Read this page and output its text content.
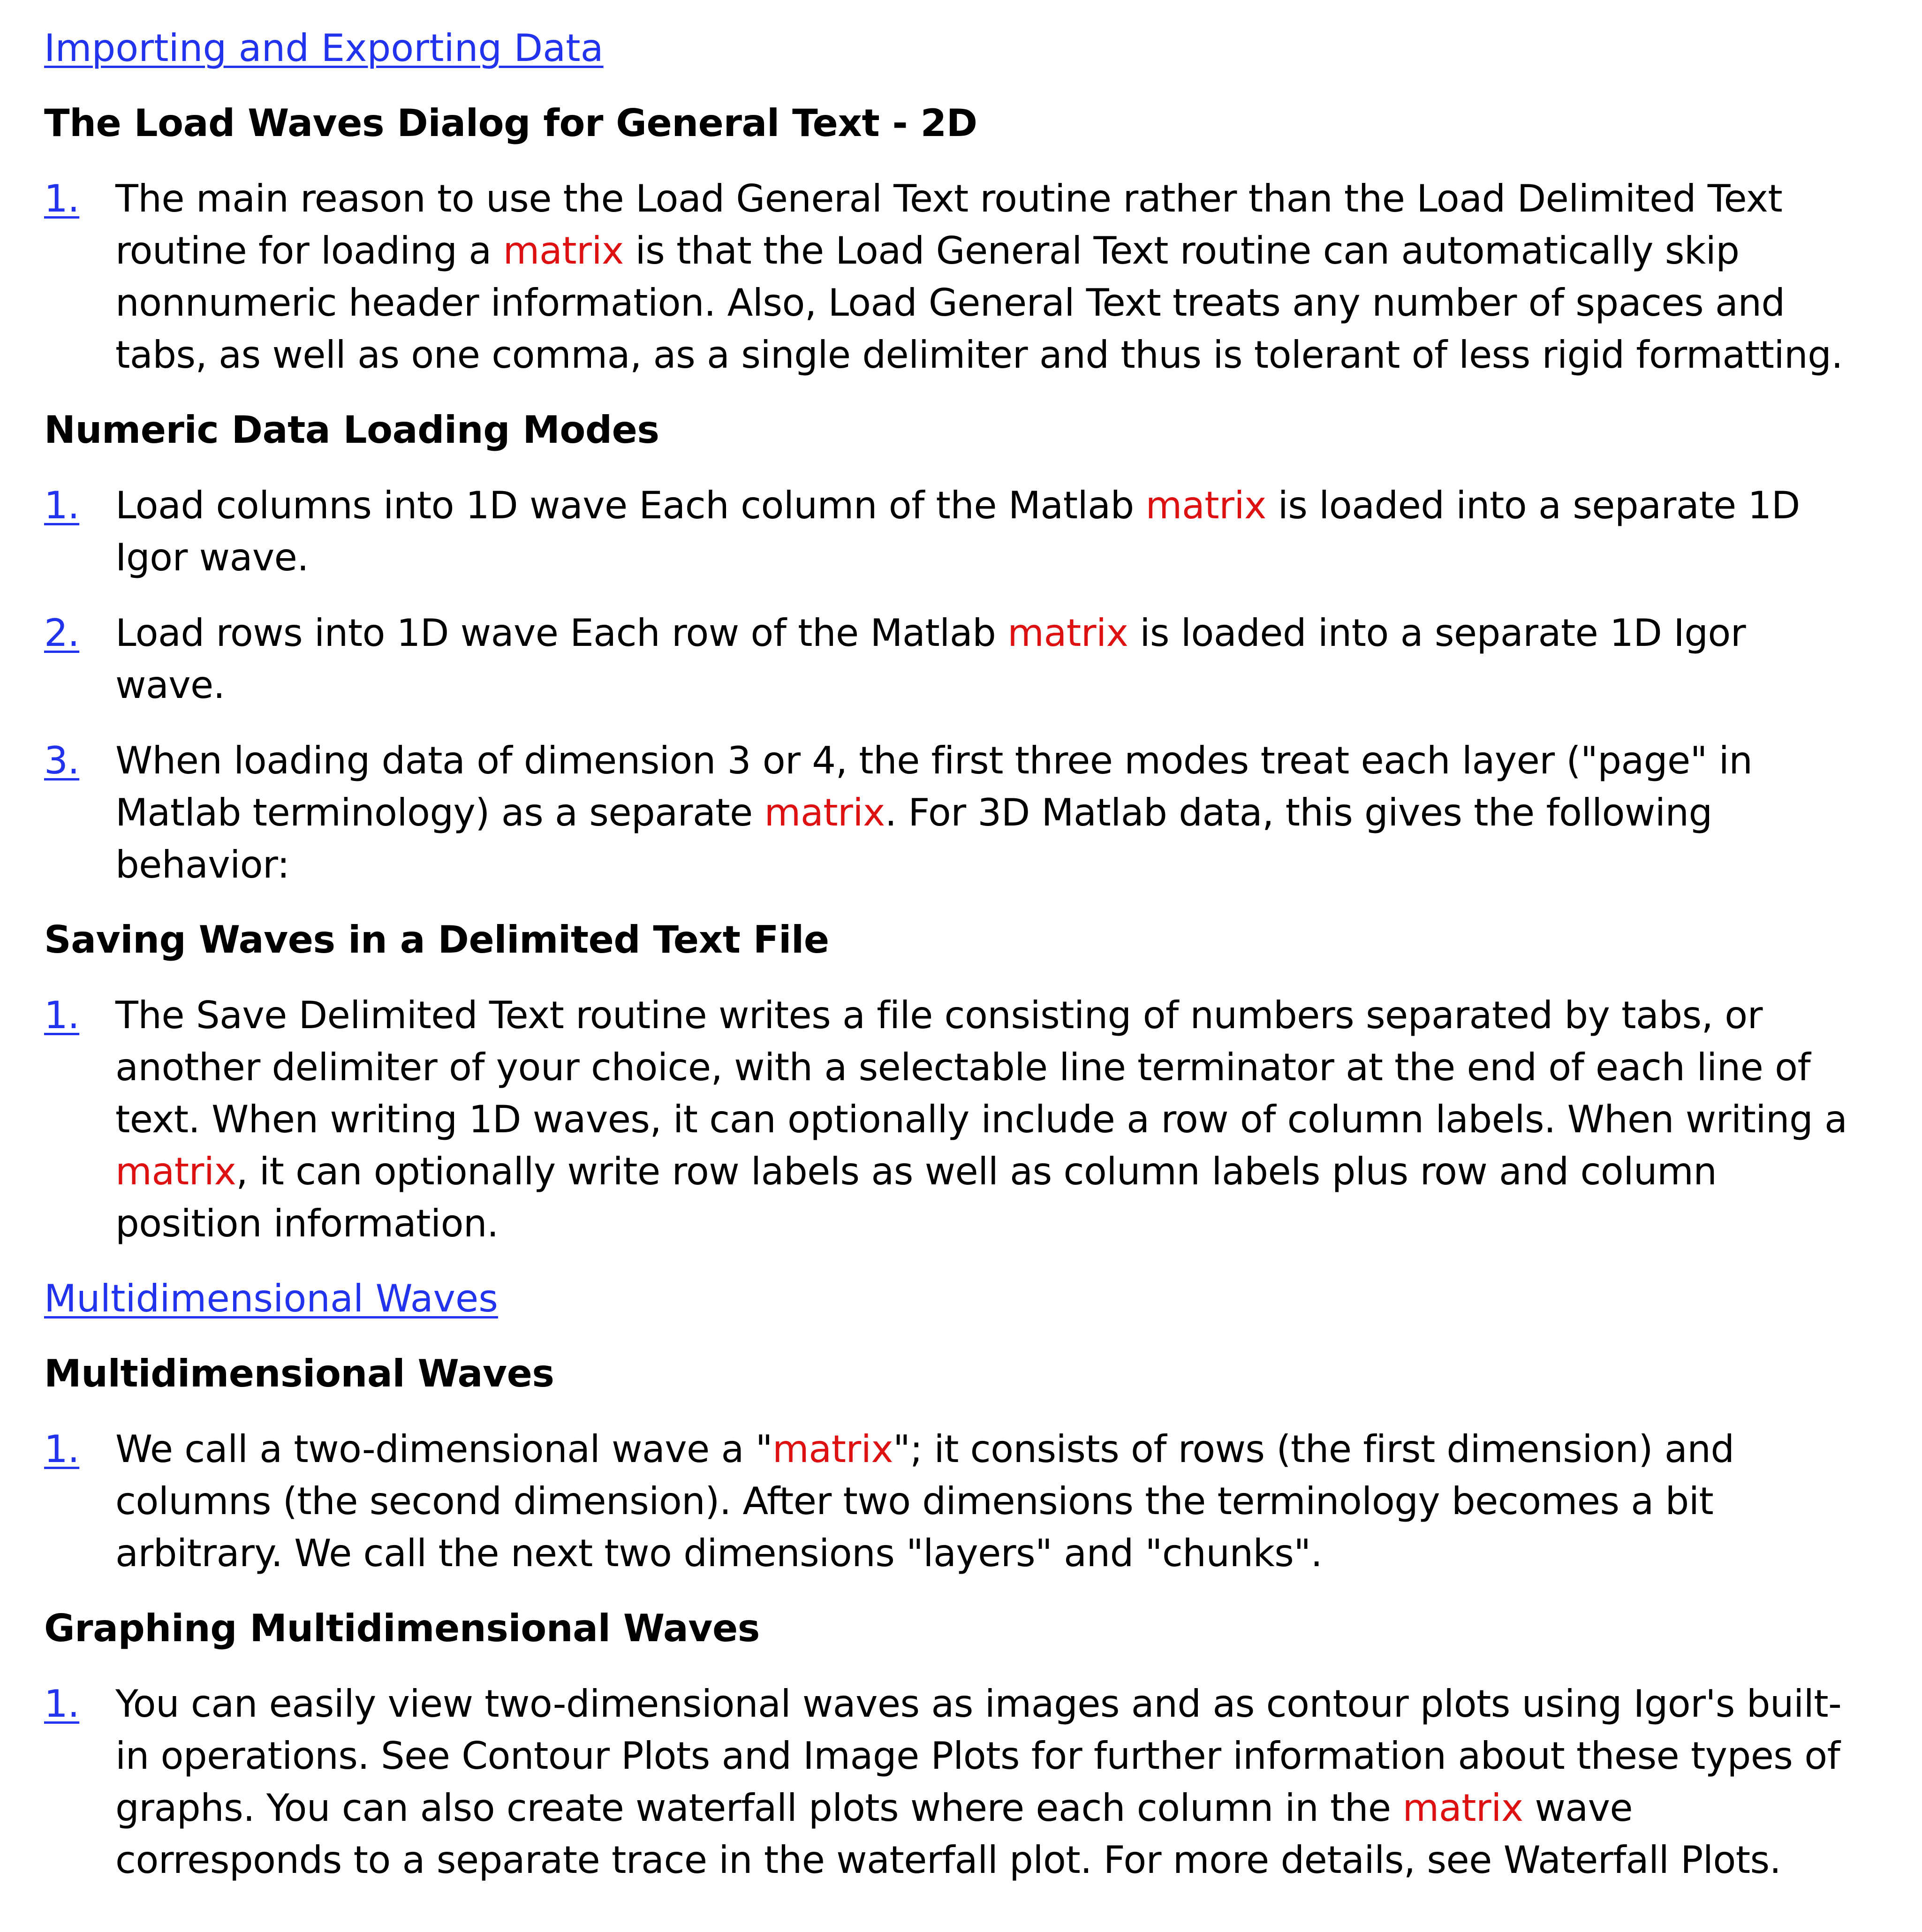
Importing and Exporting Data
The Load Waves Dialog for General Text - 2D
1. The main reason to use the Load General Text routine rather than the Load Delimited Text routine for loading a matrix is that the Load General Text routine can automatically skip nonnumeric header information. Also, Load General Text treats any number of spaces and tabs, as well as one comma, as a single delimiter and thus is tolerant of less rigid formatting.
Numeric Data Loading Modes
1. Load columns into 1D wave Each column of the Matlab matrix is loaded into a separate 1D Igor wave.
2. Load rows into 1D wave Each row of the Matlab matrix is loaded into a separate 1D Igor wave.
3. When loading data of dimension 3 or 4, the first three modes treat each layer ("page" in Matlab terminology) as a separate matrix. For 3D Matlab data, this gives the following behavior:
Saving Waves in a Delimited Text File
1. The Save Delimited Text routine writes a file consisting of numbers separated by tabs, or another delimiter of your choice, with a selectable line terminator at the end of each line of text. When writing 1D waves, it can optionally include a row of column labels. When writing a matrix, it can optionally write row labels as well as column labels plus row and column position information.
Multidimensional Waves
Multidimensional Waves
1. We call a two-dimensional wave a "matrix"; it consists of rows (the first dimension) and columns (the second dimension). After two dimensions the terminology becomes a bit arbitrary. We call the next two dimensions "layers" and "chunks".
Graphing Multidimensional Waves
1. You can easily view two-dimensional waves as images and as contour plots using Igor's built-in operations. See Contour Plots and Image Plots for further information about these types of graphs. You can also create waterfall plots where each column in the matrix wave corresponds to a separate trace in the waterfall plot. For more details, see Waterfall Plots.
